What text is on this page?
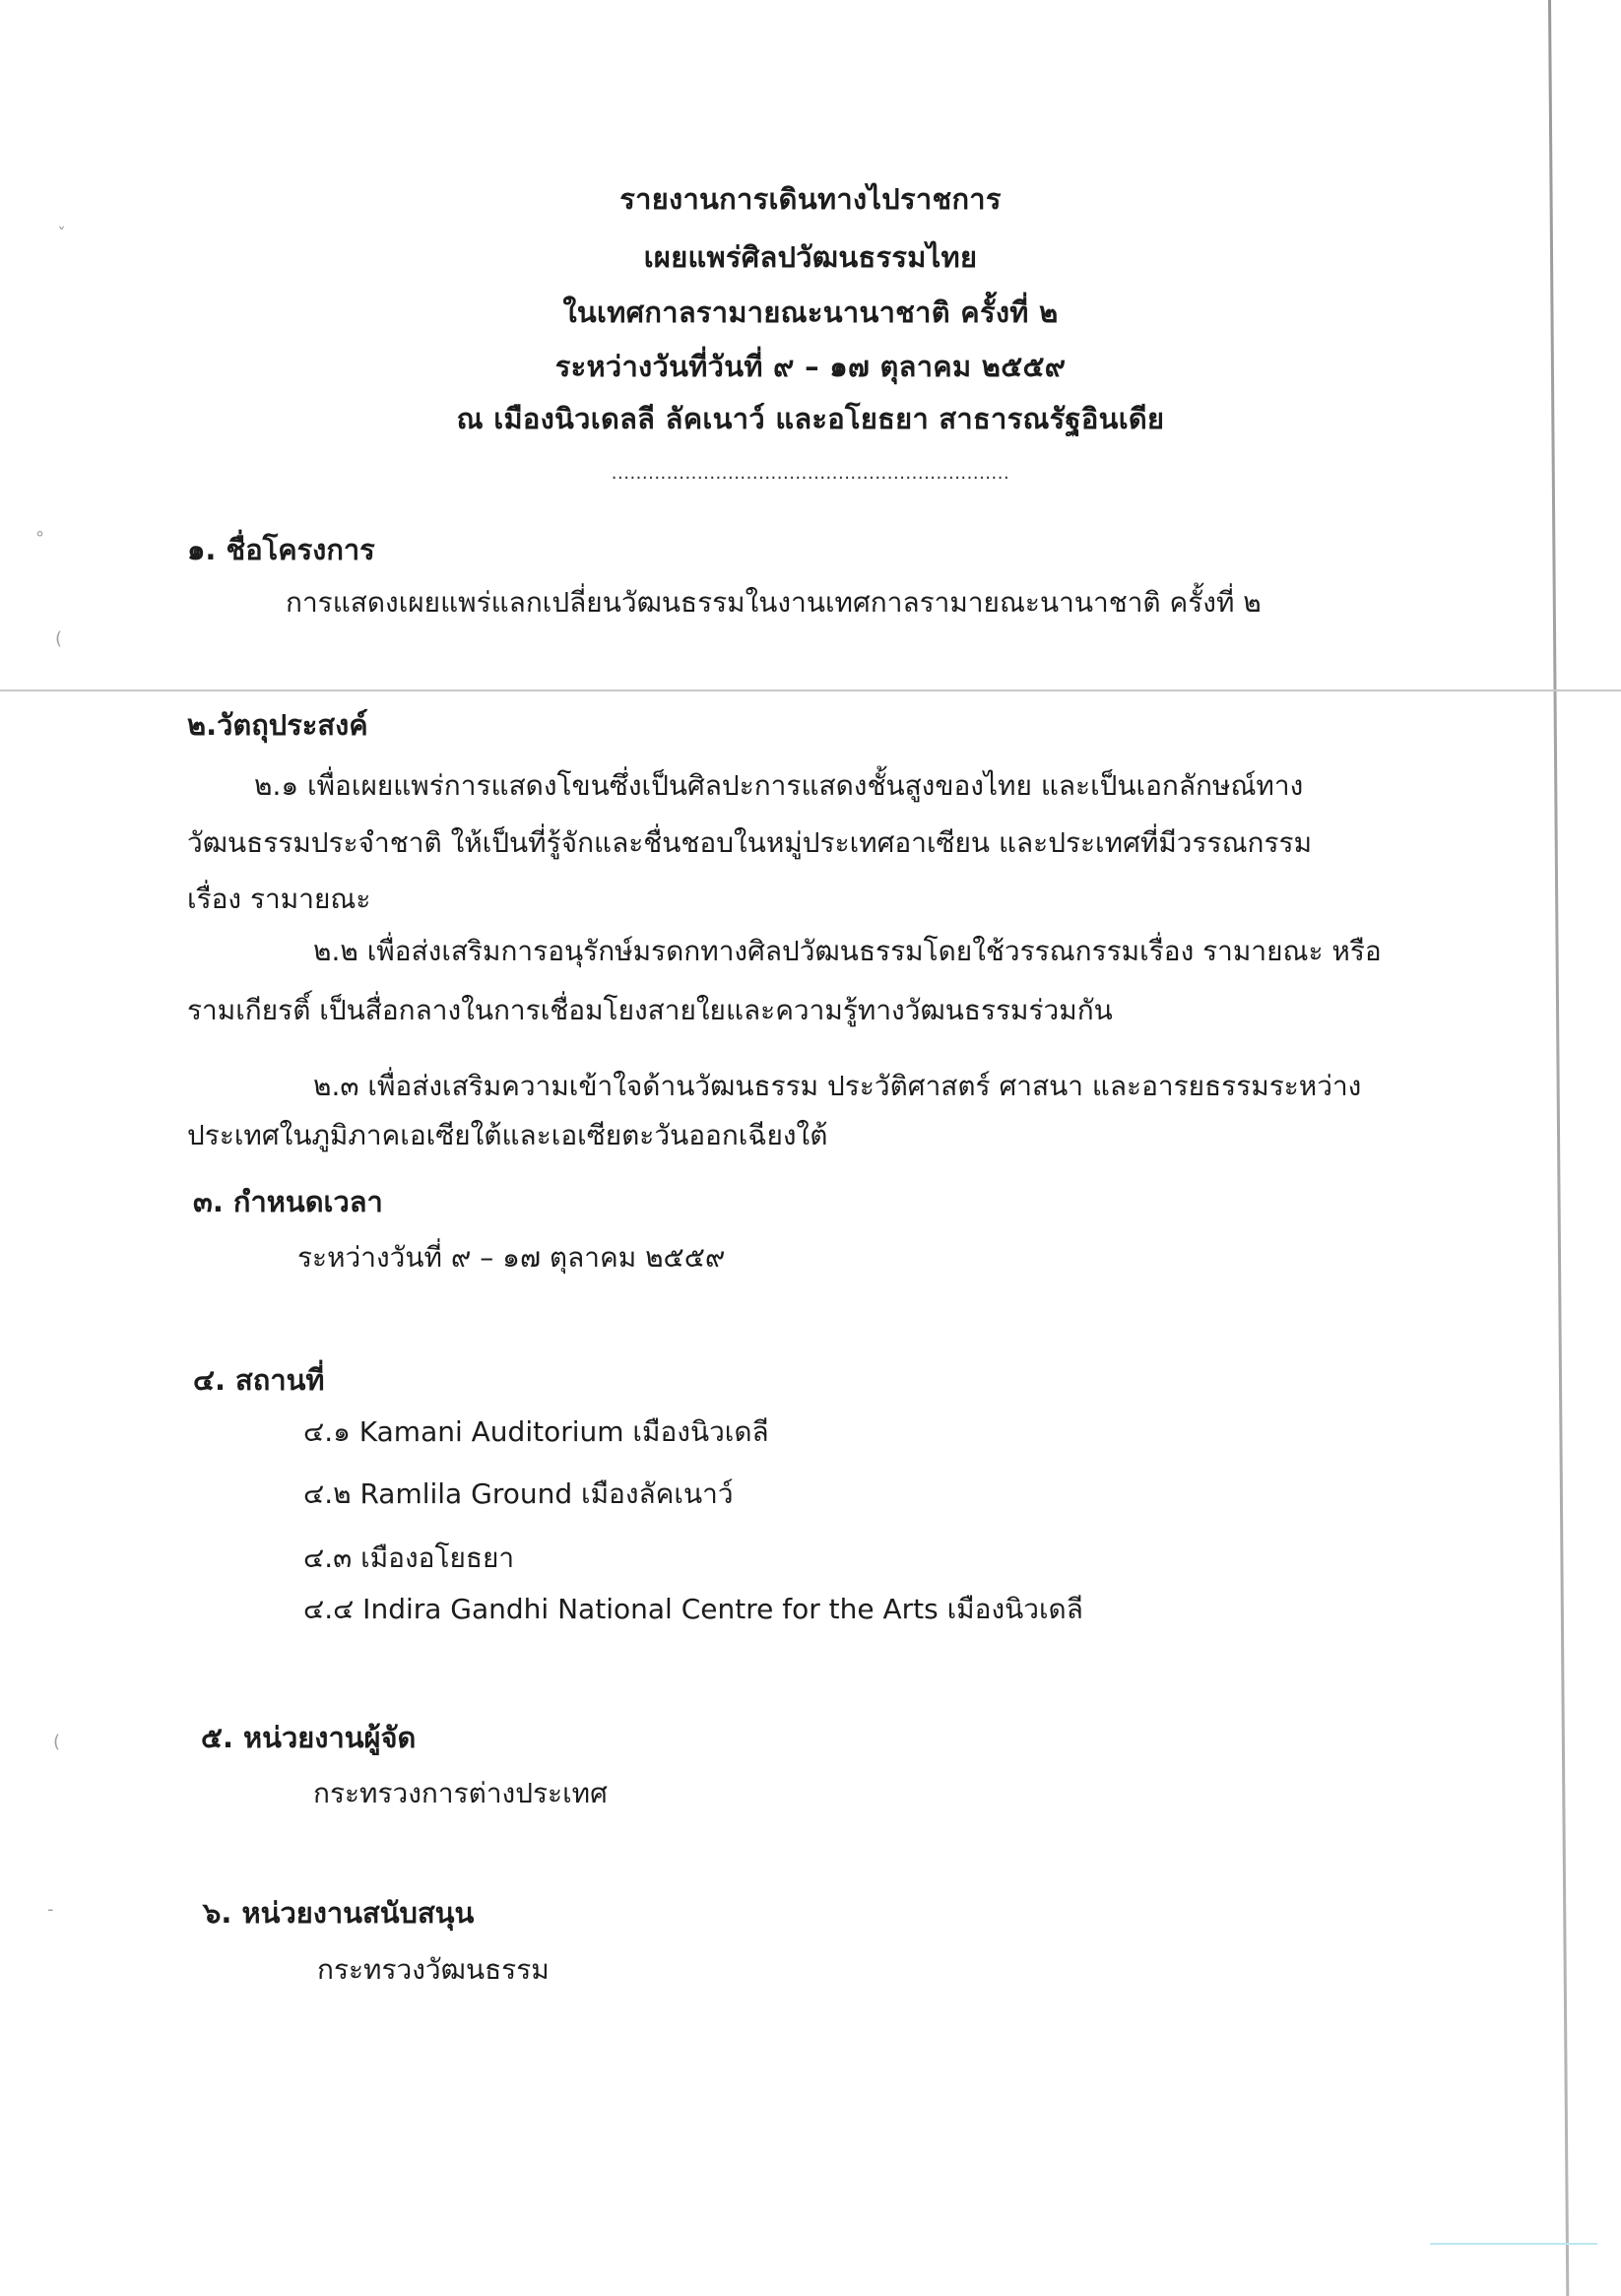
ˇ
°
(
(
-
รายงานการเดินทางไปราชการ
เผยแพร่ศิลปวัฒนธรรมไทย
ในเทศกาลรามายณะนานาชาติ ครั้งที่ ๒
ระหว่างวันที่วันที่ ๙ – ๑๗ ตุลาคม ๒๕๕๙
ณ เมืองนิวเดลลี ลัคเนาว์ และอโยธยา สาธารณรัฐอินเดีย
.................................................................
๑. ชื่อโครงการ
การแสดงเผยแพร่แลกเปลี่ยนวัฒนธรรมในงานเทศกาลรามายณะนานาชาติ ครั้งที่ ๒
๒.วัตถุประสงค์
๒.๑ เพื่อเผยแพร่การแสดงโขนซึ่งเป็นศิลปะการแสดงชั้นสูงของไทย และเป็นเอกลักษณ์ทาง
วัฒนธรรมประจำชาติ ให้เป็นที่รู้จักและชื่นชอบในหมู่ประเทศอาเซียน และประเทศที่มีวรรณกรรม
เรื่อง รามายณะ
๒.๒ เพื่อส่งเสริมการอนุรักษ์มรดกทางศิลปวัฒนธรรมโดยใช้วรรณกรรมเรื่อง รามายณะ หรือ
รามเกียรติ์ เป็นสื่อกลางในการเชื่อมโยงสายใยและความรู้ทางวัฒนธรรมร่วมกัน
๒.๓ เพื่อส่งเสริมความเข้าใจด้านวัฒนธรรม ประวัติศาสตร์ ศาสนา และอารยธรรมระหว่าง
ประเทศในภูมิภาคเอเซียใต้และเอเซียตะวันออกเฉียงใต้
๓. กำหนดเวลา
ระหว่างวันที่ ๙ – ๑๗ ตุลาคม ๒๕๕๙
๔. สถานที่
๔.๑ Kamani Auditorium เมืองนิวเดลี
๔.๒ Ramlila Ground เมืองลัคเนาว์
๔.๓ เมืองอโยธยา
๔.๔ Indira Gandhi National Centre for the Arts เมืองนิวเดลี
๕. หน่วยงานผู้จัด
กระทรวงการต่างประเทศ
๖. หน่วยงานสนับสนุน
กระทรวงวัฒนธรรม
